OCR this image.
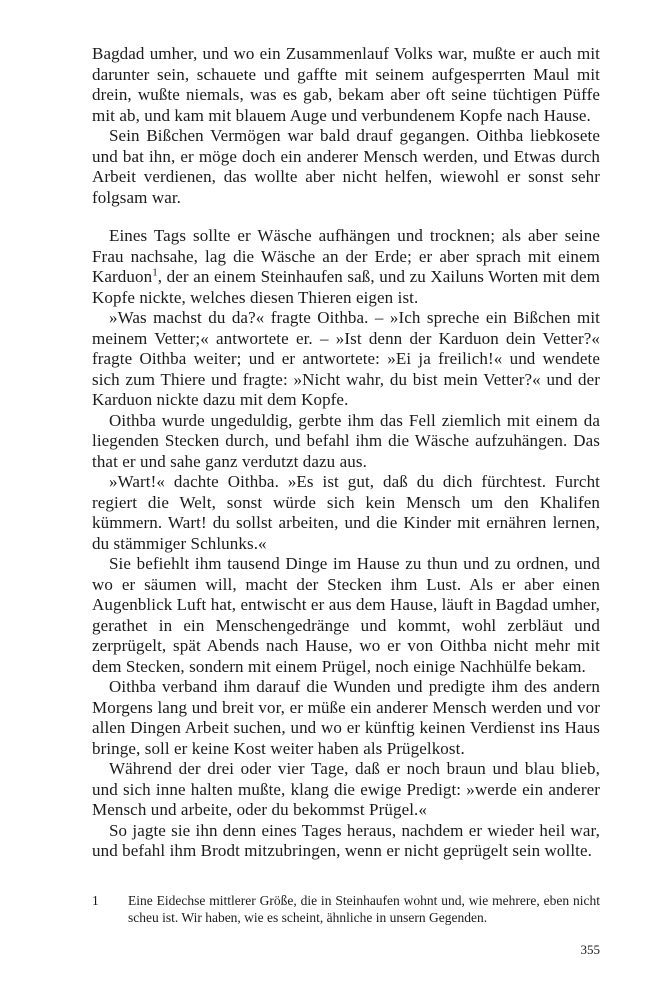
Bagdad umher, und wo ein Zusammenlauf Volks war, mußte er auch mit darunter sein, schauete und gaffte mit seinem aufgesperrten Maul mit drein, wußte niemals, was es gab, bekam aber oft seine tüchtigen Püffe mit ab, und kam mit blauem Auge und verbundenem Kopfe nach Hause.

Sein Bißchen Vermögen war bald drauf gegangen. Oithba liebkosete und bat ihn, er möge doch ein anderer Mensch werden, und Etwas durch Arbeit verdienen, das wollte aber nicht helfen, wiewohl er sonst sehr folgsam war.

Eines Tags sollte er Wäsche aufhängen und trocknen; als aber seine Frau nachsahe, lag die Wäsche an der Erde; er aber sprach mit einem Karduon$^1$, der an einem Steinhaufen saß, und zu Xailuns Worten mit dem Kopfe nickte, welches diesen Thieren eigen ist.

»Was machst du da?« fragte Oithba. – »Ich spreche ein Bißchen mit meinem Vetter;« antwortete er. – »Ist denn der Karduon dein Vetter?« fragte Oithba weiter; und er antwortete: »Ei ja freilich!« und wendete sich zum Thiere und fragte: »Nicht wahr, du bist mein Vetter?« und der Karduon nickte dazu mit dem Kopfe.

Oithba wurde ungeduldig, gerbte ihm das Fell ziemlich mit einem da liegenden Stecken durch, und befahl ihm die Wäsche aufzuhängen. Das that er und sahe ganz verdutzt dazu aus.

»Wart!« dachte Oithba. »Es ist gut, daß du dich fürchtest. Furcht regiert die Welt, sonst würde sich kein Mensch um den Khalifen kümmern. Wart! du sollst arbeiten, und die Kinder mit ernähren lernen, du stämmiger Schlunks.«

Sie befiehlt ihm tausend Dinge im Hause zu thun und zu ordnen, und wo er säumen will, macht der Stecken ihm Lust. Als er aber einen Augenblick Luft hat, entwischt er aus dem Hause, läuft in Bagdad umher, gerathet in ein Menschengedränge und kommt, wohl zerbläut und zerprügelt, spät Abends nach Hause, wo er von Oithba nicht mehr mit dem Stecken, sondern mit einem Prügel, noch einige Nachhülfe bekam.

Oithba verband ihm darauf die Wunden und predigte ihm des andern Morgens lang und breit vor, er müße ein anderer Mensch werden und vor allen Dingen Arbeit suchen, und wo er künftig keinen Verdienst ins Haus bringe, soll er keine Kost weiter haben als Prügelkost.

Während der drei oder vier Tage, daß er noch braun und blau blieb, und sich inne halten mußte, klang die ewige Predigt: »werde ein anderer Mensch und arbeite, oder du bekommst Prügel.«

So jagte sie ihn denn eines Tages heraus, nachdem er wieder heil war, und befahl ihm Brodt mitzubringen, wenn er nicht geprügelt sein wollte.

1	Eine Eidechse mittlerer Größe, die in Steinhaufen wohnt und, wie mehrere, eben nicht scheu ist. Wir haben, wie es scheint, ähnliche in unsern Gegenden.
355
